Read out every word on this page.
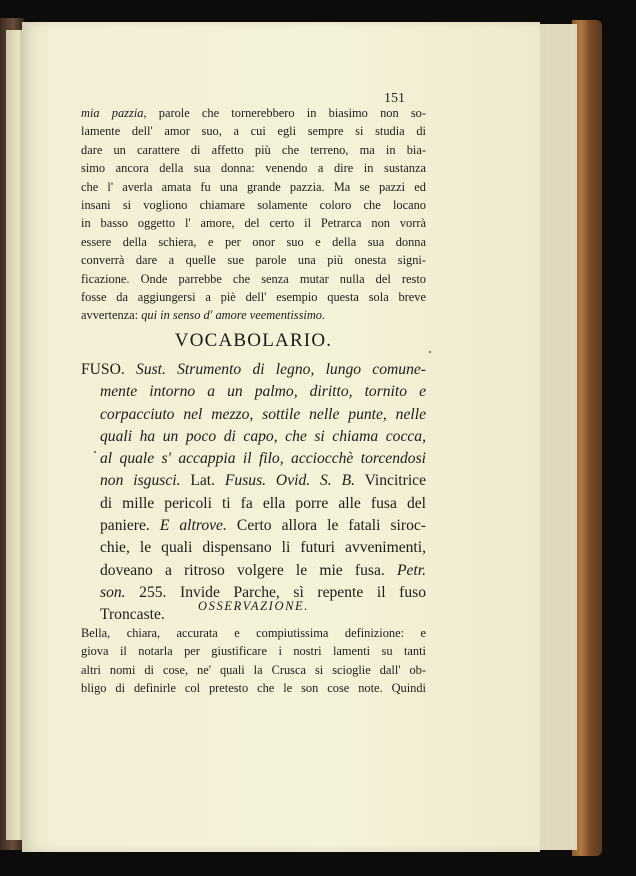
151
mia pazzia, parole che tornerebbero in biasimo non so-
lamente dell' amor suo, a cui egli sempre si studia di
dare un carattere di affetto più che terreno, ma in bia-
simo ancora della sua donna: venendo a dire in sustanza
che l' averla amata fu una grande pazzia. Ma se pazzi ed
insani si vogliono chiamare solamente coloro che locano
in basso oggetto l' amore, del certo il Petrarca non vorrà
essere della schiera, e per onor suo e della sua donna
converrà dare a quelle sue parole una più onesta signi-
ficazione. Onde parrebbe che senza mutar nulla del resto
fosse da aggiungersi a piè dell' esempio questa sola breve
avvertenza: qui in senso d' amore veementissimo.
VOCABOLARIO.
FUSO. Sust. Strumento di legno, lungo comune-
mente intorno a un palmo, diritto, tornito e
corpacciuto nel mezzo, sottile nelle punte, nelle
quali ha un poco di capo, che si chiama cocca,
al quale s' accappia il filo, acciocchè torcendosi
non isgusci. Lat. Fusus. Ovid. S. B. Vincitrice
di mille pericoli ti fa ella porre alle fusa del
paniere. E altrove. Certo allora le fatali siroc-
chie, le quali dispensano li futuri avvenimenti,
doveano a ritroso volgere le mie fusa. Petr.
son. 255. Invide Parche, sì repente il fuso
Troncaste.
OSSERVAZIONE.
Bella, chiara, accurata e compiutissima definizione: e
giova il notarla per giustificare i nostri lamenti su tanti
altri nomi di cose, ne' quali la Crusca si scioglie dall' ob-
bligo di definirle col pretesto che le son cose note. Quindi
